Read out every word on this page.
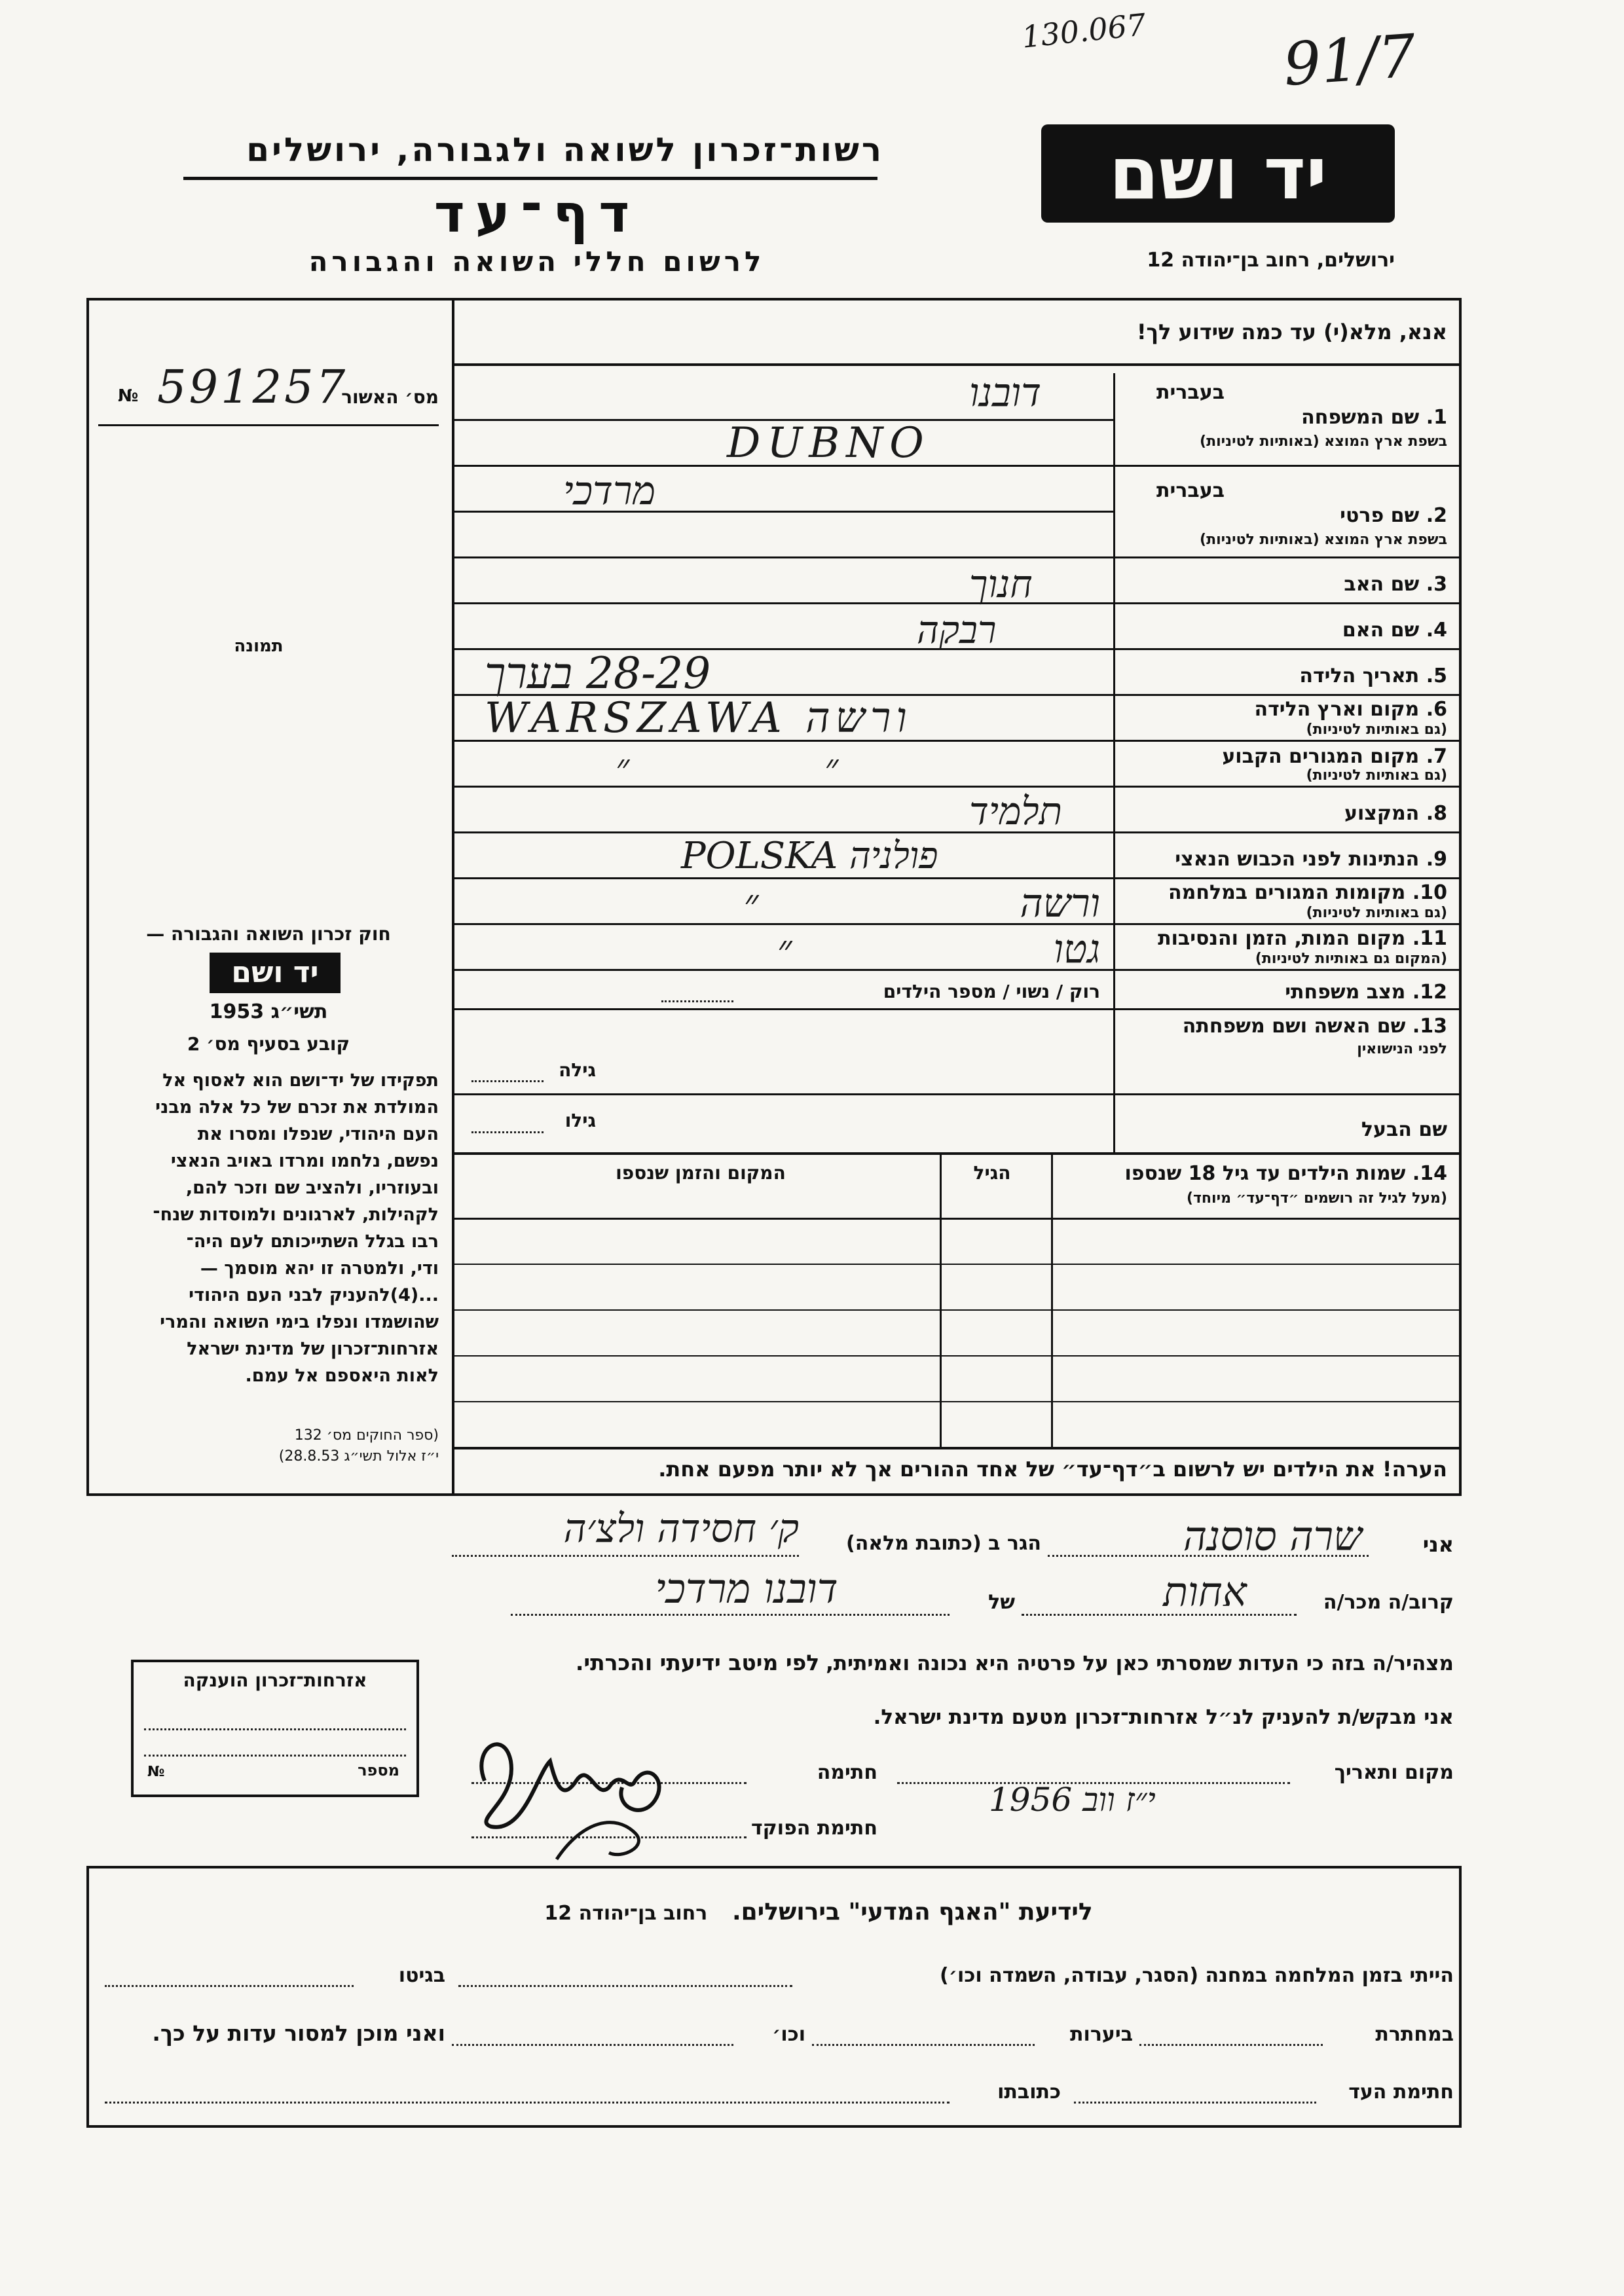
130.067 91/7
רשות־זכרון לשואה ולגבורה, ירושלים
דף־עד
לרשום חללי השואה והגבורה
יד ושם
ירושלים, רחוב בן־יהודה 12
אנא, מלא(י) עד כמה שידוע לך!
מס׳ האשור
№ 591257
תמונה
חוק זכרון השואה והגבורה —
יד ושם
תשי״ג 1953
קובע בסעיף מס׳ 2
תפקידו של יד־ושם הוא לאסוף אל
המולדת את זכרם של כל אלה מבני
העם היהודי, שנפלו ומסרו את
נפשם, נלחמו ומרדו באויב הנאצי
ובעוזריו, ולהציב שם וזכר להם,
לקהילות, לארגונים ולמוסדות שנח־
רבו בגלל השתייכותם לעם היה־
ודי, ולמטרה זו יהא מוסמך —
...(4)להעניק לבני העם היהודי
שהושמדו ונפלו בימי השואה והמרי
אזרחות־זכרון של מדינת ישראל
לאות היאספם אל עמם.
(ספר החוקים מס׳ 132
י״ז אלול תשי״ג 28.8.53)
בעברית
1. שם המשפחה
בשפת ארץ המוצא (באותיות לטיניות)
דובנו
DUBNO
בעברית
2. שם פרטי
בשפת ארץ המוצא (באותיות לטיניות)
מרדכי
3. שם האב
חנוך
4. שם האם
רבקה
5. תאריך הלידה
28-29 בערך
6. מקום וארץ הלידה
(גם באותיות לטיניות)
WARSZAWA ורשה
7. מקום המגורים הקבוע
(גם באותיות לטיניות)
״ ״
8. המקצוע
תלמיד
9. הנתינות לפני הכבוש הנאצי
POLSKA פולניה
10. מקומות המגורים במלחמה
(גם באותיות לטיניות)
ורשה ״
11. מקום המות, הזמן והנסיבות
(המקום גם באותיות לטיניות)
גטו ״
12. מצב משפחתי
רוק / נשוי / מספר הילדים
13. שם האשה ושם משפחתה
לפני הנישואין
גילה
שם הבעל
גילו
14. שמות הילדים עד גיל 18 שנספו
(מעל לגיל זה רושמים ״דף־עד״ מיוחד)
הגיל
המקום והזמן שנספו
הערה! את הילדים יש לרשום ב״דף־עד״ של אחד ההורים אך לא יותר מפעם אחת.
אני
שרה סוסנה
הגר ב (כתובת מלאה)
ק׳ חסידה ולצ׳ה
קרוב/ה מכר/ה
אחות
של
דובנו מרדכי
מצהיר/ה בזה כי העדות שמסרתי כאן על פרטיה היא נכונה ואמיתית, לפי מיטב ידיעתי והכרתי.
אני מבקש/ת להעניק לנ״ל אזרחות־זכרון מטעם מדינת ישראל.
מקום ותאריך
1956 י״ז ווב
חתימה
חתימת הפוקד
אזרחות־זכרון הוענקה
מספר
№
לידיעת "האגף המדעי" בירושלים.   רחוב בן־יהודה 12
הייתי בזמן המלחמה במחנה (הסגר, עבודה, השמדה וכו׳)
בגיטו
במחתרת
ביערות
וכו׳
ואני מוכן למסור עדות על כך.
חתימת העד
כתובתו
